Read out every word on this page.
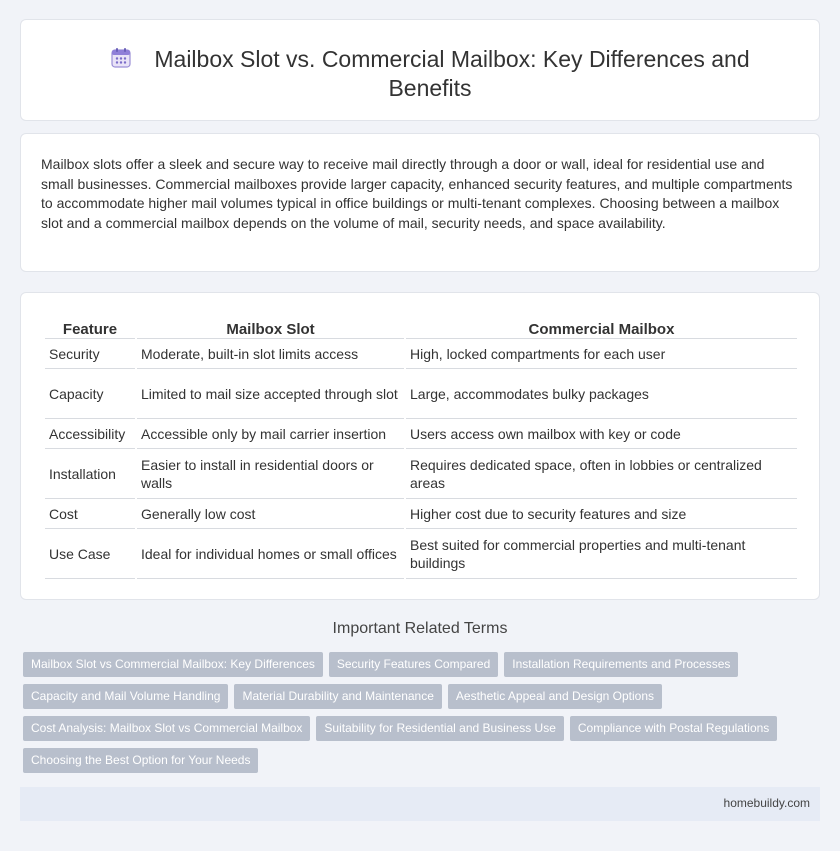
Mailbox Slot vs. Commercial Mailbox: Key Differences and Benefits

Mailbox slots offer a sleek and secure way to receive mail directly through a door or wall, ideal for residential use and small businesses. Commercial mailboxes provide larger capacity, enhanced security features, and multiple compartments to accommodate higher mail volumes typical in office buildings or multi-tenant complexes. Choosing between a mailbox slot and a commercial mailbox depends on the volume of mail, security needs, and space availability.

Feature	Mailbox Slot	Commercial Mailbox
Security	Moderate, built-in slot limits access	High, locked compartments for each user
Capacity	Limited to mail size accepted through slot	Large, accommodates bulky packages
Accessibility	Accessible only by mail carrier insertion	Users access own mailbox with key or code
Installation	Easier to install in residential doors or walls	Requires dedicated space, often in lobbies or centralized areas
Cost	Generally low cost	Higher cost due to security features and size
Use Case	Ideal for individual homes or small offices	Best suited for commercial properties and multi-tenant buildings
Important Related Terms
Mailbox Slot vs Commercial Mailbox: Key Differences Security Features Compared Installation Requirements and Processes
Capacity and Mail Volume Handling Material Durability and Maintenance Aesthetic Appeal and Design Options
Cost Analysis: Mailbox Slot vs Commercial Mailbox Suitability for Residential and Business Use Compliance with Postal Regulations
Choosing the Best Option for Your Needs
homebuildy.com
